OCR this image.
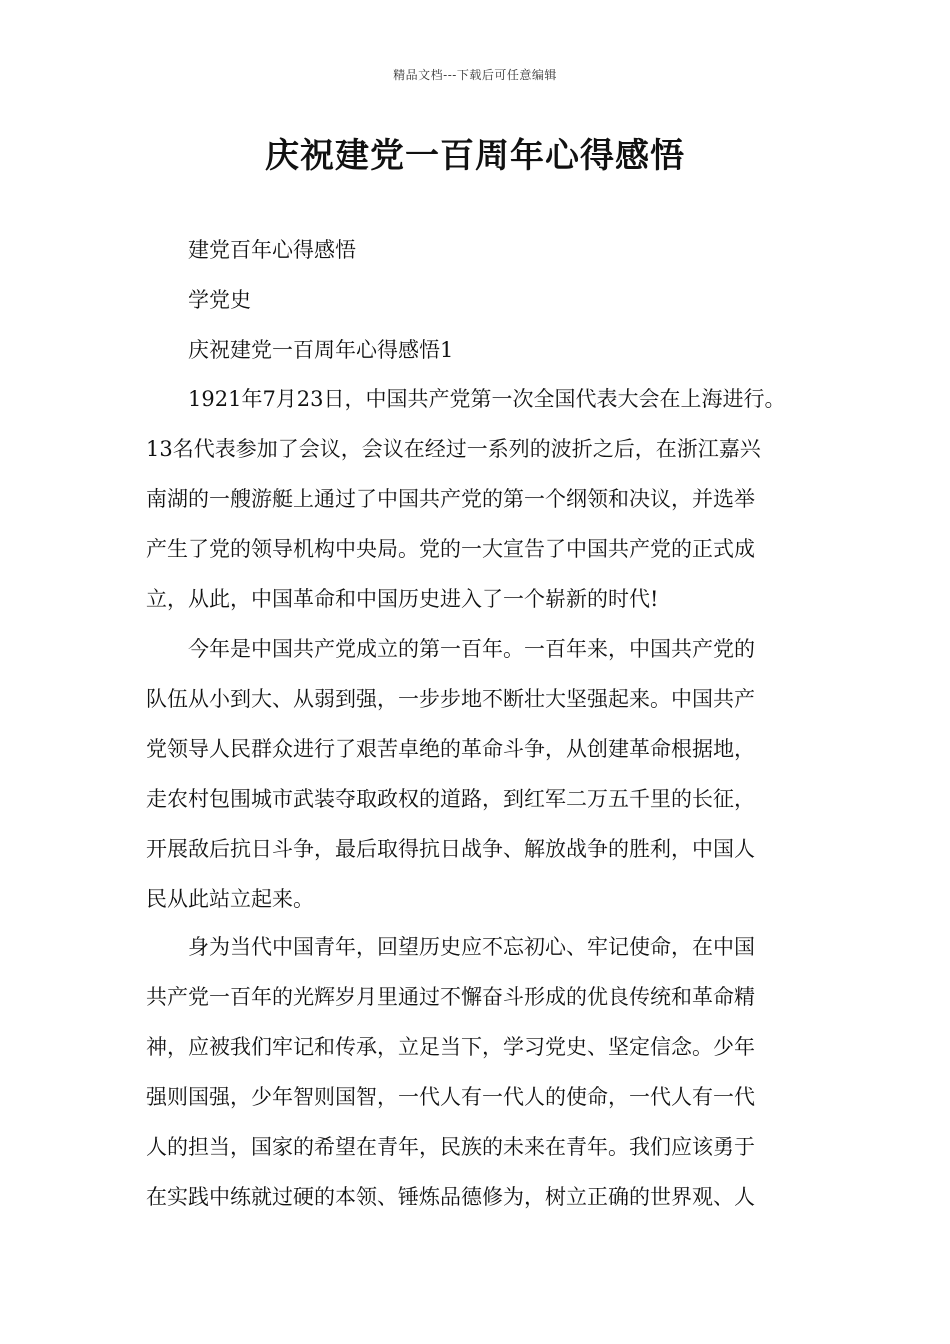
精品文档---下载后可任意编辑
庆祝建党一百周年心得感悟
建党百年心得感悟
学党史
庆祝建党一百周年心得感悟1
1921年7月23日，中国共产党第一次全国代表大会在上海进行。
13名代表参加了会议，会议在经过一系列的波折之后，在浙江嘉兴
南湖的一艘游艇上通过了中国共产党的第一个纲领和决议，并选举
产生了党的领导机构中央局。党的一大宣告了中国共产党的正式成
立，从此，中国革命和中国历史进入了一个崭新的时代!
今年是中国共产党成立的第一百年。一百年来，中国共产党的
队伍从小到大、从弱到强，一步步地不断壮大坚强起来。中国共产
党领导人民群众进行了艰苦卓绝的革命斗争，从创建革命根据地，
走农村包围城市武装夺取政权的道路，到红军二万五千里的长征，
开展敌后抗日斗争，最后取得抗日战争、解放战争的胜利，中国人
民从此站立起来。
身为当代中国青年，回望历史应不忘初心、牢记使命，在中国
共产党一百年的光辉岁月里通过不懈奋斗形成的优良传统和革命精
神，应被我们牢记和传承，立足当下，学习党史、坚定信念。少年
强则国强，少年智则国智，一代人有一代人的使命，一代人有一代
人的担当，国家的希望在青年，民族的未来在青年。我们应该勇于
在实践中练就过硬的本领、锤炼品德修为，树立正确的世界观、人
